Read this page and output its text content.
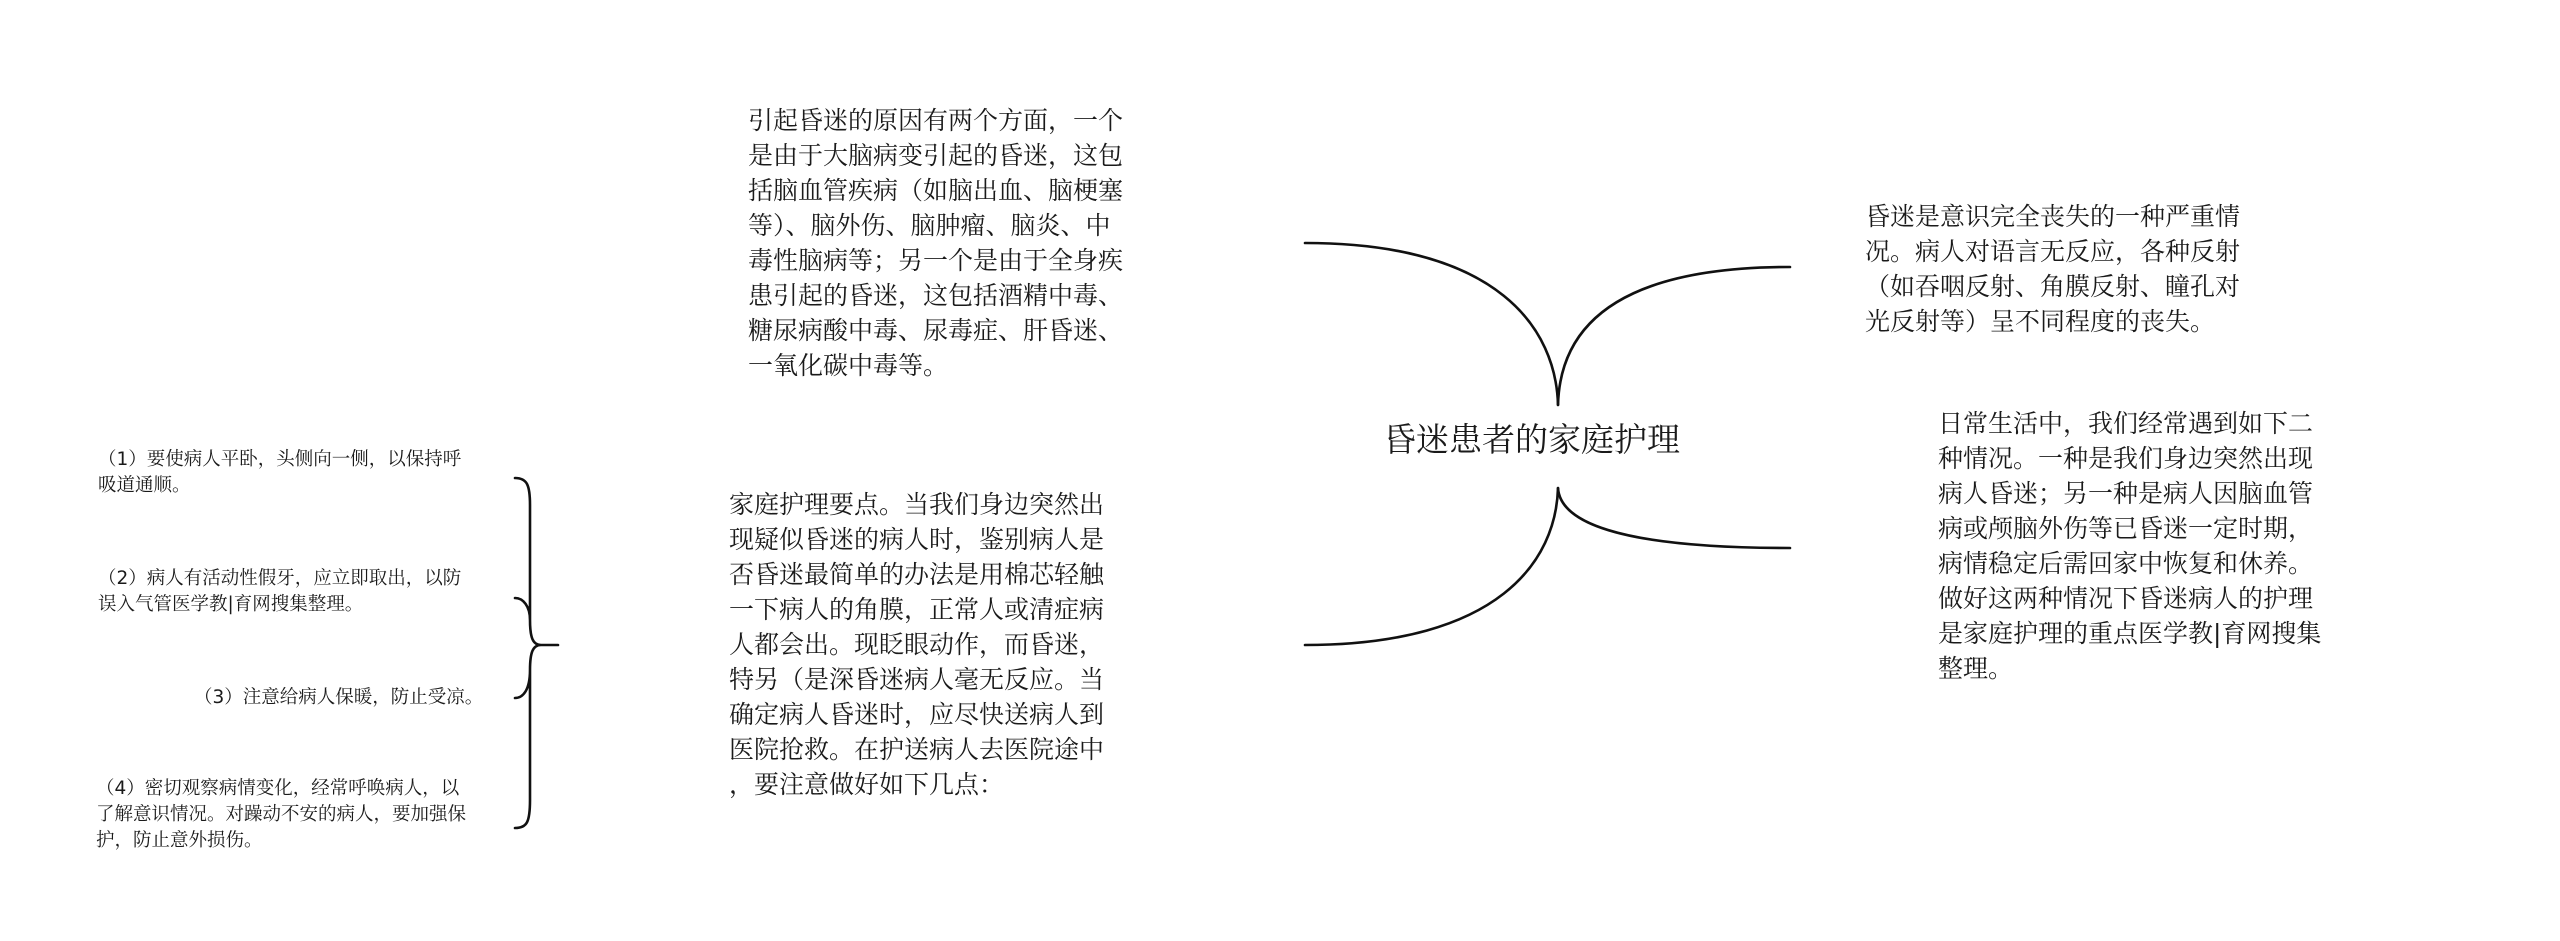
昏迷患者的家庭护理
引起昏迷的原因有两个方面，一个
是由于大脑病变引起的昏迷，这包
括脑血管疾病（如脑出血、脑梗塞
等）、脑外伤、脑肿瘤、脑炎、中
毒性脑病等；另一个是由于全身疾
患引起的昏迷，这包括酒精中毒、
糖尿病酸中毒、尿毒症、肝昏迷、
一氧化碳中毒等。
家庭护理要点。当我们身边突然出
现疑似昏迷的病人时，鉴别病人是
否昏迷最简单的办法是用棉芯轻触
一下病人的角膜，正常人或清症病
人都会出。现眨眼动作，而昏迷，
特另（是深昏迷病人毫无反应。当
确定病人昏迷时，应尽快送病人到
医院抢救。在护送病人去医院途中
，要注意做好如下几点：
昏迷是意识完全丧失的一种严重情
况。病人对语言无反应，各种反射
（如吞咽反射、角膜反射、瞳孔对
光反射等）呈不同程度的丧失。
日常生活中，我们经常遇到如下二
种情况。一种是我们身边突然出现
病人昏迷；另一种是病人因脑血管
病或颅脑外伤等已昏迷一定时期，
病情稳定后需回家中恢复和休养。
做好这两种情况下昏迷病人的护理
是家庭护理的重点医学教|育网搜集
整理。
（1）要使病人平卧，头侧向一侧，以保持呼
吸道通顺。
（2）病人有活动性假牙，应立即取出，以防
误入气管医学教|育网搜集整理。
（3）注意给病人保暖，防止受凉。
（4）密切观察病情变化，经常呼唤病人，以
了解意识情况。对躁动不安的病人，要加强保
护，防止意外损伤。
